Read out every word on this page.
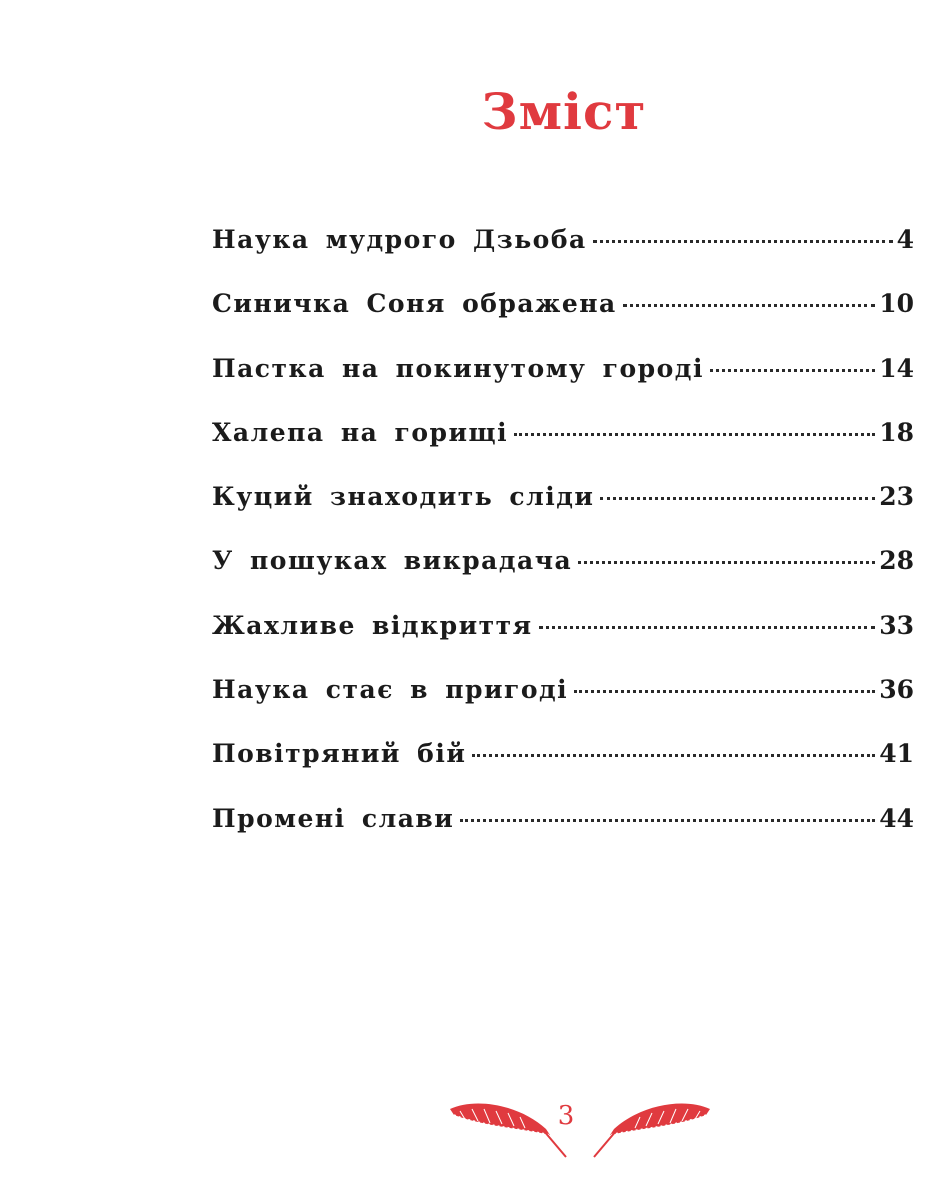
Зміст
Наука мудрого Дзьоба	4
Синичка Соня ображена	10
Пастка на покинутому городі	14
Халепа на горищі	18
Куций знаходить сліди	23
У пошуках викрадача	28
Жахливе відкриття	33
Наука стає в пригоді	36
Повітряний бій	41
Промені слави	44
3
